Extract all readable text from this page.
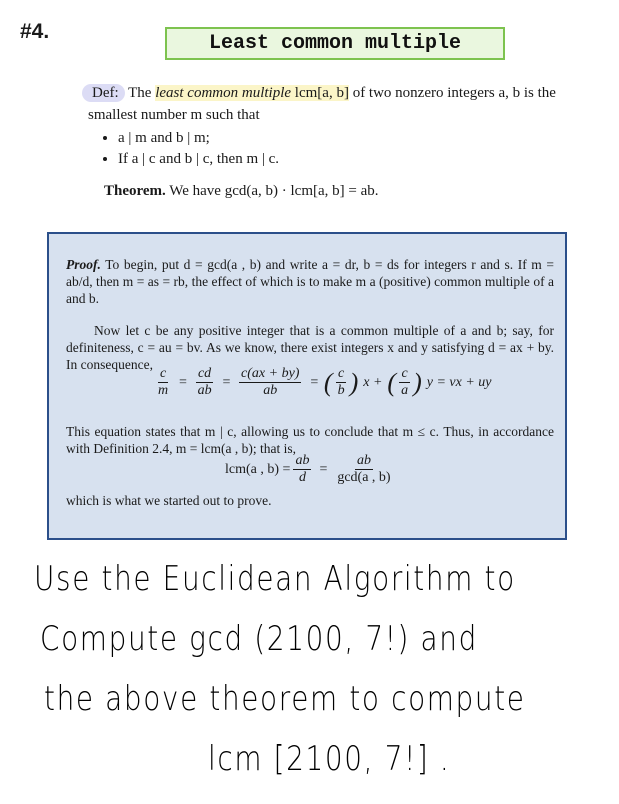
#4.
Least common multiple
Def: The least common multiple lcm[a, b] of two nonzero integers a, b is the smallest number m such that
• a | m and b | m;
• If a | c and b | c, then m | c.
Theorem. We have gcd(a, b) · lcm[a, b] = ab.
Proof. To begin, put d = gcd(a , b) and write a = dr, b = ds for integers r and s. If m = ab/d, then m = as = rb, the effect of which is to make m a (positive) common multiple of a and b.
Now let c be any positive integer that is a common multiple of a and b; say, for definiteness, c = au = bv. As we know, there exist integers x and y satisfying d = ax + by. In consequence,
$\frac{c}{m} = \frac{cd}{ab} = \frac{c(ax + by)}{ab}$ = ( $\frac{c}{b}$ ) x + ( $\frac{c}{a}$ ) y = vx + uy
This equation states that m | c, allowing us to conclude that m ≤ c. Thus, in accordance with Definition 2.4, m = lcm(a , b); that is,
lcm(a , $b) = \frac{ab}{d} = \frac{ab}{\gcd(a , b)}$
which is what we started out to prove.
Use the Euclidean Algorithm to
Compute gcd (2100, 7!) and
the above theorem to compute
lcm [2100, 7!] .
